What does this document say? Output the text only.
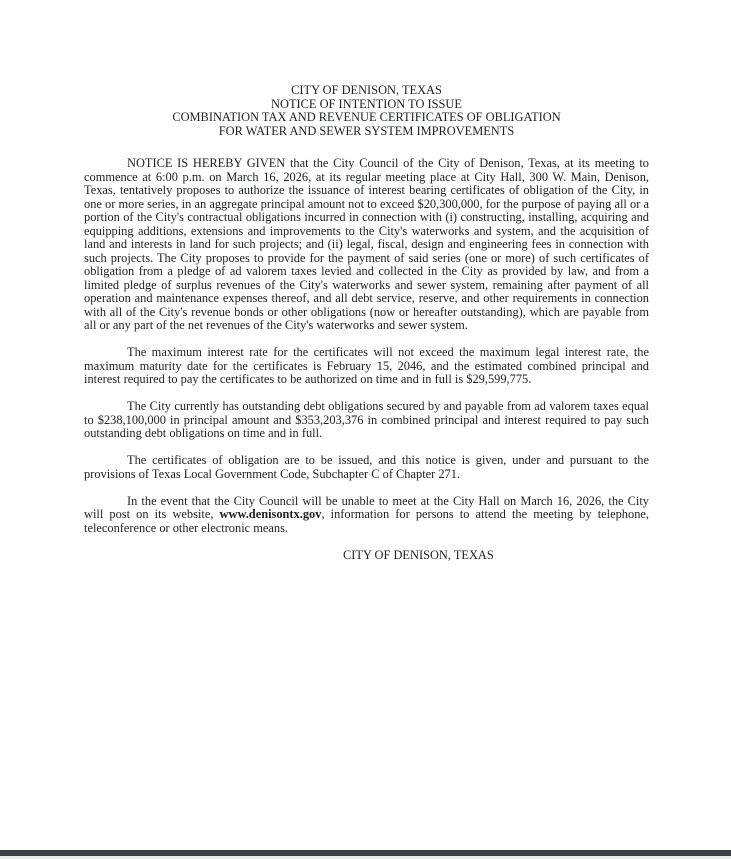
CITY OF DENISON, TEXAS
NOTICE OF INTENTION TO ISSUE
COMBINATION TAX AND REVENUE CERTIFICATES OF OBLIGATION
FOR WATER AND SEWER SYSTEM IMPROVEMENTS

NOTICE IS HEREBY GIVEN that the City Council of the City of Denison, Texas, at its meeting to commence at 6:00 p.m. on March 16, 2026, at its regular meeting place at City Hall, 300 W. Main, Denison, Texas, tentatively proposes to authorize the issuance of interest bearing certificates of obligation of the City, in one or more series, in an aggregate principal amount not to exceed $20,300,000, for the purpose of paying all or a portion of the City's contractual obligations incurred in connection with (i) constructing, installing, acquiring and equipping additions, extensions and improvements to the City's waterworks and system, and the acquisition of land and interests in land for such projects; and (ii) legal, fiscal, design and engineering fees in connection with such projects. The City proposes to provide for the payment of said series (one or more) of such certificates of obligation from a pledge of ad valorem taxes levied and collected in the City as provided by law, and from a limited pledge of surplus revenues of the City's waterworks and sewer system, remaining after payment of all operation and maintenance expenses thereof, and all debt service, reserve, and other requirements in connection with all of the City's revenue bonds or other obligations (now or hereafter outstanding), which are payable from all or any part of the net revenues of the City's waterworks and sewer system.

The maximum interest rate for the certificates will not exceed the maximum legal interest rate, the maximum maturity date for the certificates is February 15, 2046, and the estimated combined principal and interest required to pay the certificates to be authorized on time and in full is $29,599,775.

The City currently has outstanding debt obligations secured by and payable from ad valorem taxes equal to $238,100,000 in principal amount and $353,203,376 in combined principal and interest required to pay such outstanding debt obligations on time and in full.

The certificates of obligation are to be issued, and this notice is given, under and pursuant to the provisions of Texas Local Government Code, Subchapter C of Chapter 271.

In the event that the City Council will be unable to meet at the City Hall on March 16, 2026, the City will post on its website, www.denisontx.gov, information for persons to attend the meeting by telephone, teleconference or other electronic means.

CITY OF DENISON, TEXAS
